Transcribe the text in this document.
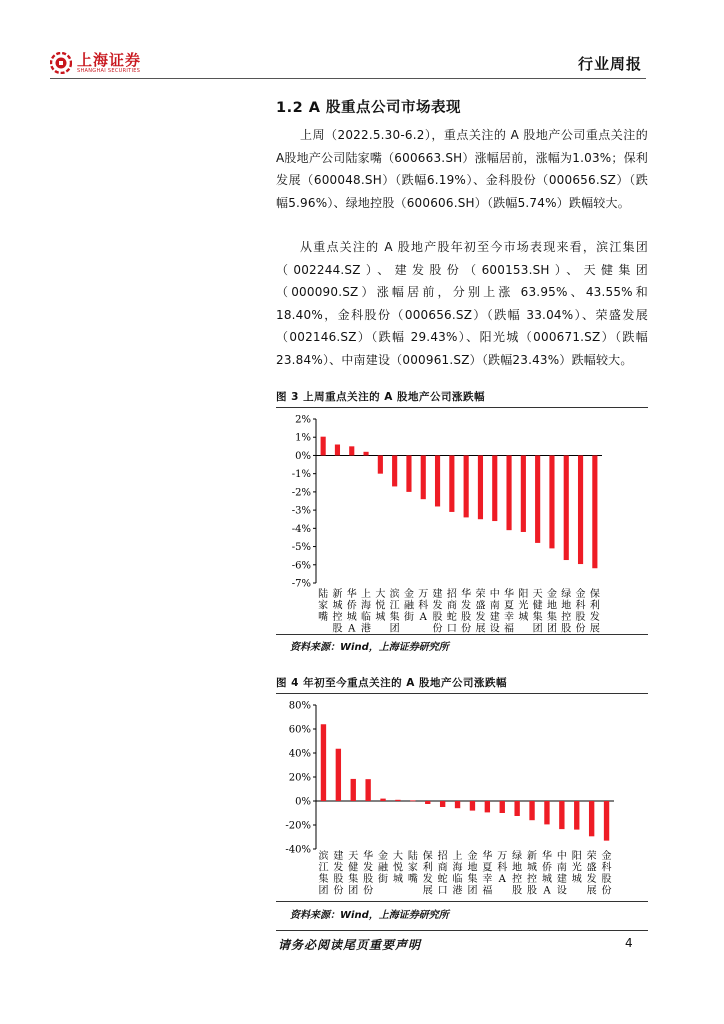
上海证券
SHANGHAI SECURITIES	行业周报
1.2 A 股重点公司市场表现

上周（2022.5.30-6.2），重点关注的 A 股地产公司重点关注的A股地产公司陆家嘴（600663.SH）涨幅居前，涨幅为1.03%；保利发展（600048.SH）（跌幅6.19%）、金科股份（000656.SZ）（跌幅5.96%）、绿地控股（600606.SH）（跌幅5.74%）跌幅较大。

从重点关注的 A 股地产股年初至今市场表现来看，滨江集团（002244.SZ）、建发股份（600153.SH）、天健集团（000090.SZ）涨幅居前，分别上涨 63.95%、43.55%和 18.40%，金科股份（000656.SZ）（跌幅 33.04%）、荣盛发展（002146.SZ）（跌幅 29.43%）、阳光城（000671.SZ）（跌幅23.84%）、中南建设（000961.SZ）（跌幅23.43%）跌幅较大。

图 3 上周重点关注的 A 股地产公司涨跌幅
2%
1%
0%
-1%
-2%
-3%
-4%
-5%
-6%
-7%
陆家嘴
新城控股
华侨城 A
上海临港
大悦城
滨江集团
金融街
万科 A
建发股份
招商蛇口
华发股份
荣盛发展
中南建设
华夏幸福
阳光城
天健集团
金地集团
绿地控股
金科股份
保利发展
资料来源：Wind，上海证券研究所
图 4 年初至今重点关注的 A 股地产公司涨跌幅
80%
60%
40%
20%
0%
-20%
-40%
滨江集团
建发股份
天健集团
华发股份
金融街
大悦城
陆家嘴
保利发展
招商蛇口
上海临港
金地集团
华夏幸福
万科 A
绿地控股
新城控股
华侨城 A
中南建设
阳光城
荣盛发展
金科股份
资料来源：Wind，上海证券研究所
请务必阅读尾页重要声明	4
